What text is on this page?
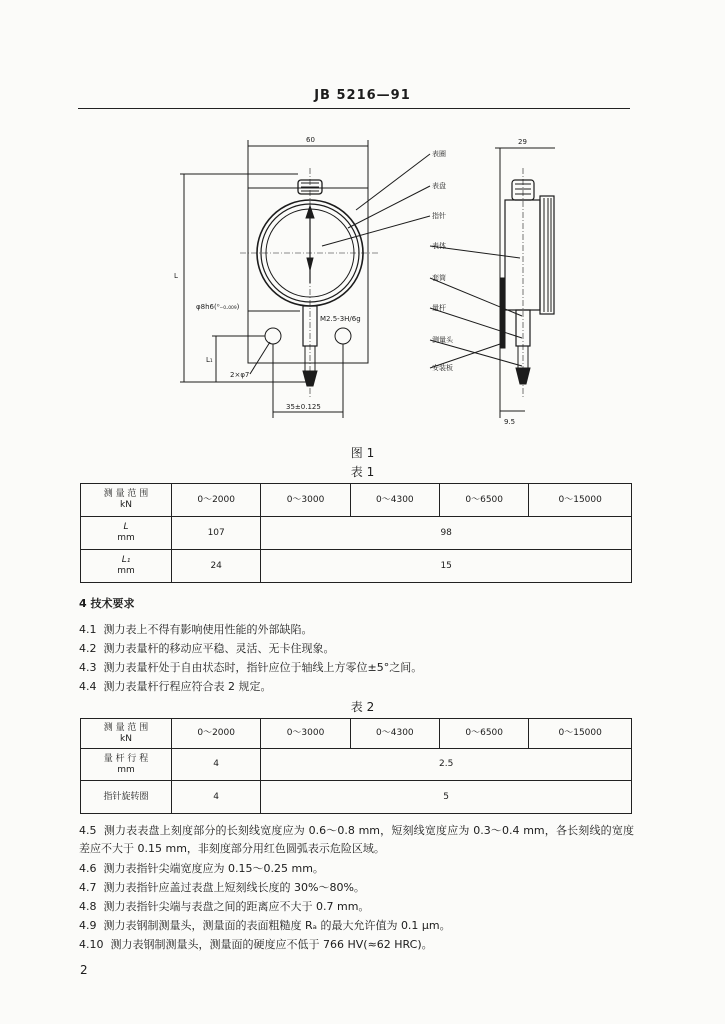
JB 5216—91
60
L
L₁
φ8h6(⁰₋₀.₀₀₉)
M2.5-3H/6g
2×φ7
35±0.125
29
9.5
表圈
表盘
指针
表体
套筒
量杆
测量头
安装板
图 1
表 1
测 量 范 围
kN	0～2000	0～3000	0～4300	0～6500	0～15000

L
mm	107	98			

L₁
mm	24	15			
4 技术要求
4.1 测力表上不得有影响使用性能的外部缺陷。
4.2 测力表量杆的移动应平稳、灵活、无卡住现象。
4.3 测力表量杆处于自由状态时，指针应位于轴线上方零位±5°之间。
4.4 测力表量杆行程应符合表 2 规定。
表 2
测 量 范 围
kN	0～2000	0～3000	0～4300	0～6500	0～15000

量 杆 行 程
mm	4	2.5			
指针旋转圈	4	5			
4.5 测力表表盘上刻度部分的长刻线宽度应为 0.6～0.8 mm，短刻线宽度应为 0.3～0.4 mm，各长刻线的宽度差应不大于 0.15 mm，非刻度部分用红色圆弧表示危险区域。
4.6 测力表指针尖端宽度应为 0.15～0.25 mm。
4.7 测力表指针应盖过表盘上短刻线长度的 30%～80%。
4.8 测力表指针尖端与表盘之间的距离应不大于 0.7 mm。
4.9 测力表钢制测量头，测量面的表面粗糙度 Rₐ 的最大允许值为 0.1 μm。
4.10 测力表钢制测量头，测量面的硬度应不低于 766 HV(≈62 HRC)。
2
